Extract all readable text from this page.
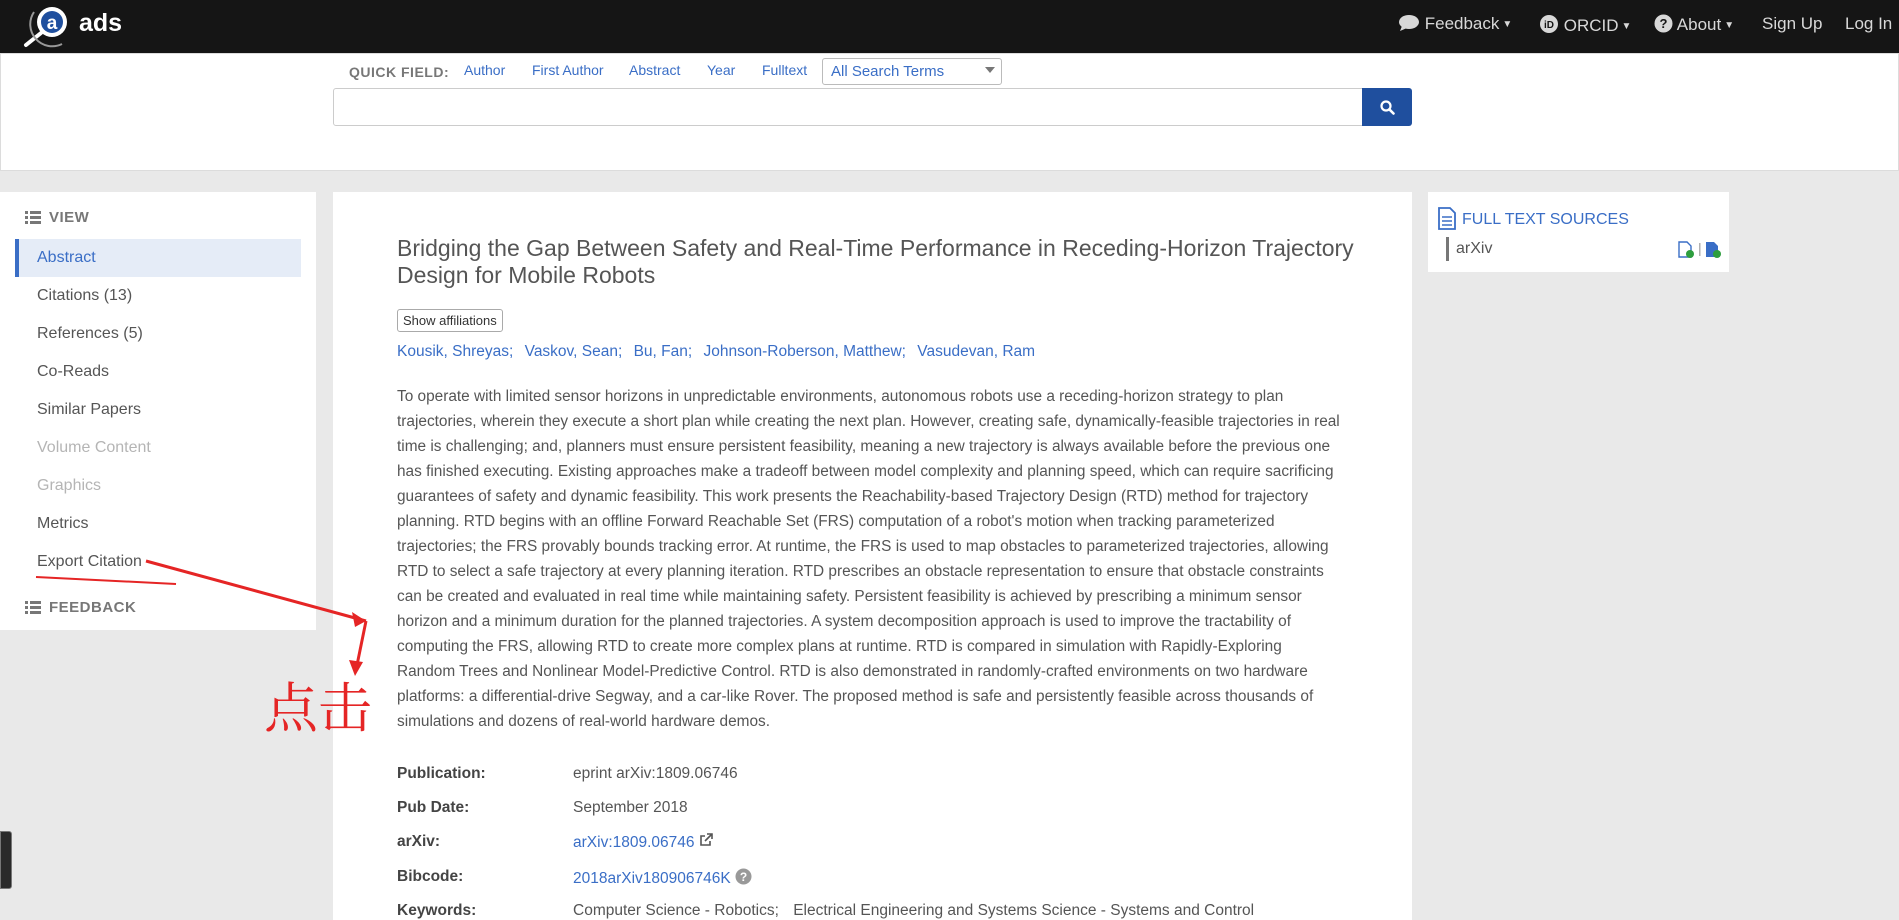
a ads	Feedback ▼	iD ORCID ▼ ? About ▼ Sign Up Log In
QUICK FIELD: Author First Author Abstract Year Fulltext	All Search Terms
VIEW
Abstract
Citations (13)
References (5)
Co-Reads
Similar Papers
Volume Content
Graphics
Metrics
Export Citation
FEEDBACK
Bridging the Gap Between Safety and Real-Time Performance in Receding-Horizon Trajectory Design for Mobile Robots
Show affiliations
Kousik, Shreyas; Vaskov, Sean; Bu, Fan; Johnson-Roberson, Matthew; Vasudevan, Ram

To operate with limited sensor horizons in unpredictable environments, autonomous robots use a receding-horizon strategy to plan trajectories, wherein they execute a short plan while creating the next plan. However, creating safe, dynamically-feasible trajectories in real time is challenging; and, planners must ensure persistent feasibility, meaning a new trajectory is always available before the previous one has finished executing. Existing approaches make a tradeoff between model complexity and planning speed, which can require sacrificing guarantees of safety and dynamic feasibility. This work presents the Reachability-based Trajectory Design (RTD) method for trajectory planning. RTD begins with an offline Forward Reachable Set (FRS) computation of a robot's motion when tracking parameterized trajectories; the FRS provably bounds tracking error. At runtime, the FRS is used to map obstacles to parameterized trajectories, allowing RTD to select a safe trajectory at every planning iteration. RTD prescribes an obstacle representation to ensure that obstacle constraints can be created and evaluated in real time while maintaining safety. Persistent feasibility is achieved by prescribing a minimum sensor horizon and a minimum duration for the planned trajectories. A system decomposition approach is used to improve the tractability of computing the FRS, allowing RTD to create more complex plans at runtime. RTD is compared in simulation with Rapidly-Exploring Random Trees and Nonlinear Model-Predictive Control. RTD is also demonstrated in randomly-crafted environments on two hardware platforms: a differential-drive Segway, and a car-like Rover. The proposed method is safe and persistently feasible across thousands of simulations and dozens of real-world hardware demos.

Publication:	eprint arXiv:1809.06746
Pub Date:	September 2018
arXiv:	arXiv:1809.06746
Bibcode:	2018arXiv180906746K ?
Keywords:	Computer Science - Robotics; Electrical Engineering and Systems Science - Systems and Control
FULL TEXT SOURCES
arXiv	|
点击
